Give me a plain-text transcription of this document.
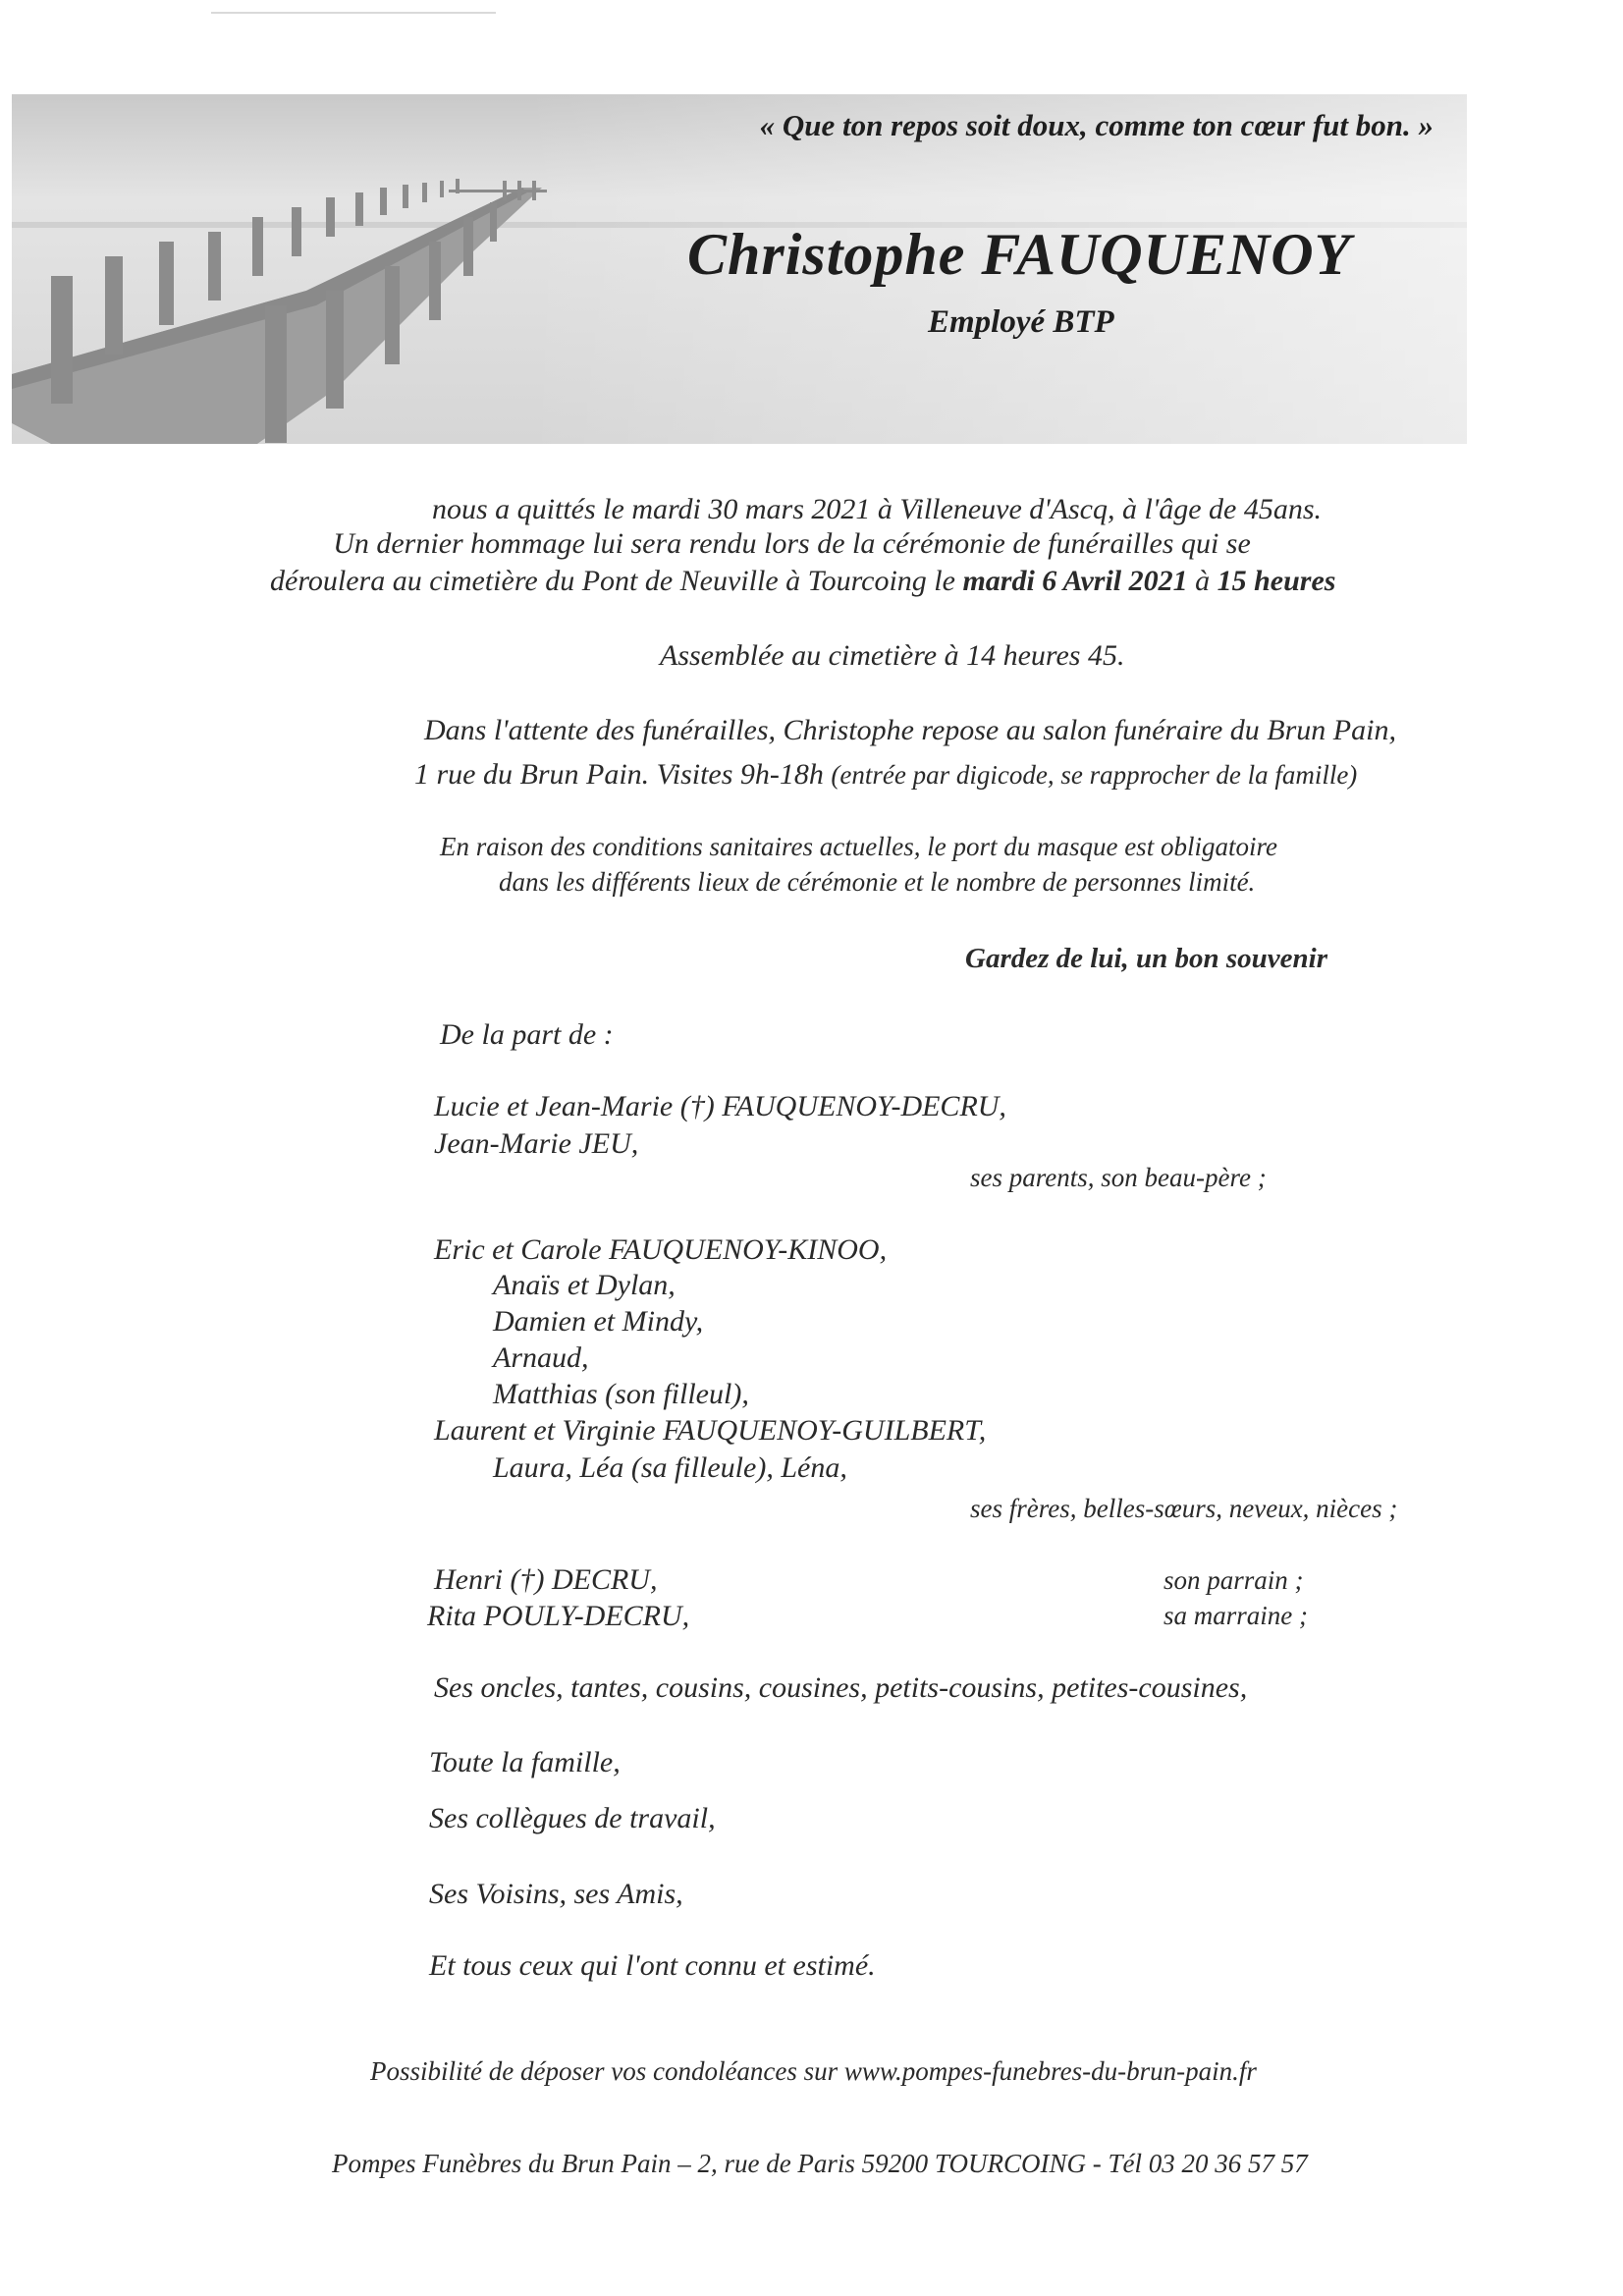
« Que ton repos soit doux, comme ton cœur fut bon. »
Christophe FAUQUENOY
Employé BTP
nous a quittés le mardi 30 mars 2021 à Villeneuve d'Ascq, à l'âge de 45ans.
Un dernier hommage lui sera rendu lors de la cérémonie de funérailles qui se
déroulera au cimetière du Pont de Neuville à Tourcoing le mardi 6 Avril 2021 à 15 heures
Assemblée au cimetière à 14 heures 45.
Dans l'attente des funérailles, Christophe repose au salon funéraire du Brun Pain,
1 rue du Brun Pain. Visites 9h-18h (entrée par digicode, se rapprocher de la famille)
En raison des conditions sanitaires actuelles, le port du masque est obligatoire
dans les différents lieux de cérémonie et le nombre de personnes limité.
Gardez de lui, un bon souvenir
De la part de :
Lucie et Jean-Marie (†) FAUQUENOY-DECRU,
Jean-Marie JEU,
ses parents, son beau-père ;
Eric et Carole FAUQUENOY-KINOO,
Anaïs et Dylan,
Damien et Mindy,
Arnaud,
Matthias (son filleul),
Laurent et Virginie FAUQUENOY-GUILBERT,
Laura, Léa (sa filleule), Léna,
ses frères, belles-sœurs, neveux, nièces ;
Henri (†) DECRU,	son parrain ;
Rita POULY-DECRU,	sa marraine ;
Ses oncles, tantes, cousins, cousines, petits-cousins, petites-cousines,
Toute la famille,
Ses collègues de travail,
Ses Voisins, ses Amis,
Et tous ceux qui l'ont connu et estimé.
Possibilité de déposer vos condoléances sur www.pompes-funebres-du-brun-pain.fr
Pompes Funèbres du Brun Pain – 2, rue de Paris 59200 TOURCOING - Tél 03 20 36 57 57
